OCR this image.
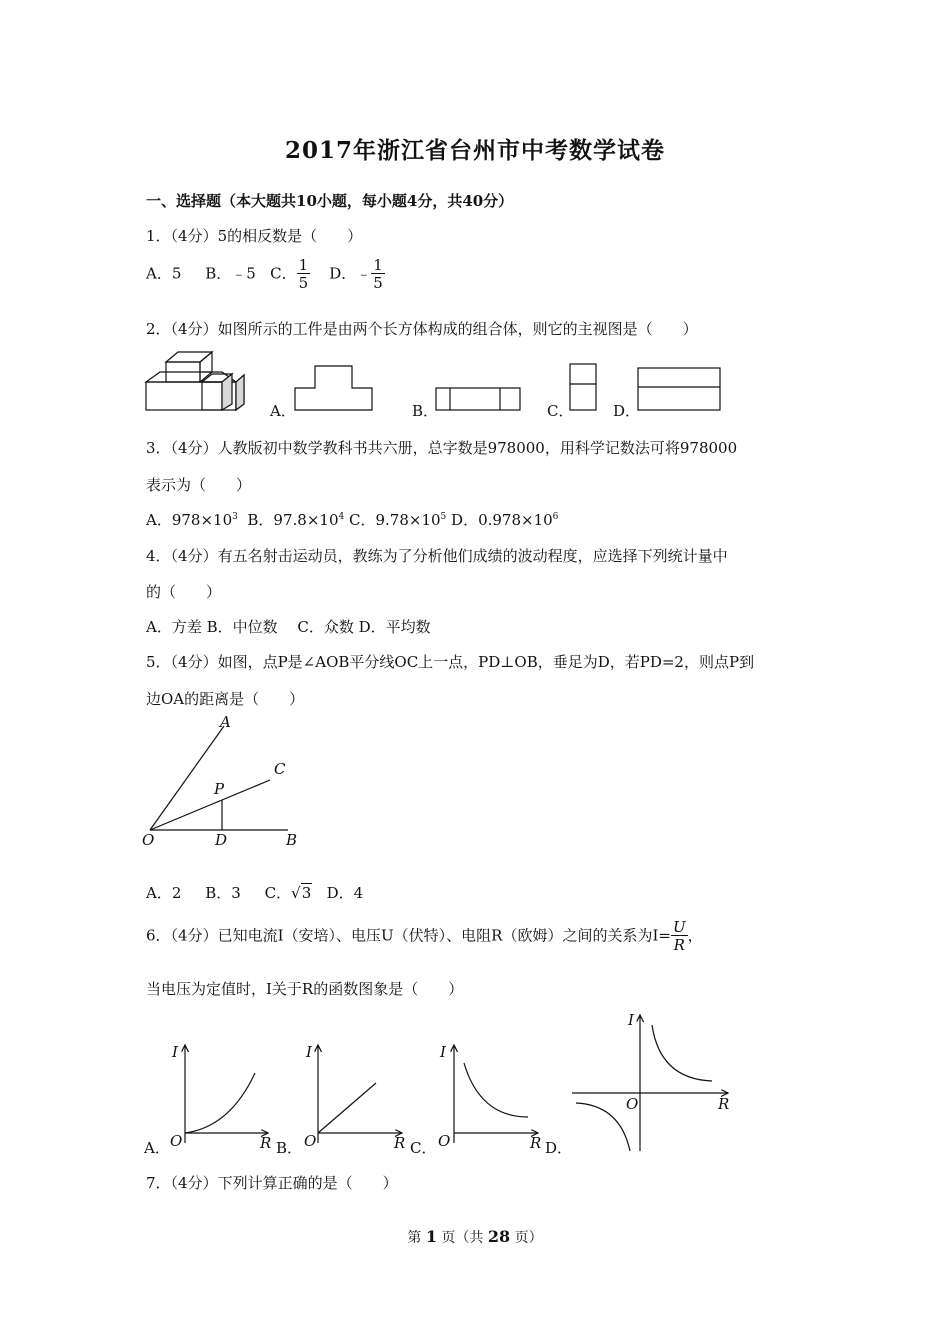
2017年浙江省台州市中考数学试卷
一、选择题（本大题共10小题，每小题4分，共40分）
1．（4分）5的相反数是（　　）
A．5 B．﹣5 C． $\frac{1}{5}$ D．﹣ $\frac{1}{5}$
2．（4分）如图所示的工件是由两个长方体构成的组合体，则它的主视图是（　　）
A．	B．	C．	D．
3．（4分）人教版初中数学教科书共六册，总字数是978000，用科学记数法可将978000
表示为（　　）
A．$978\times 10^3$ B．$97.8\times 10^4$ C．$9.78\times 10^5$ D．$0.978\times 10^6$
4．（4分）有五名射击运动员，教练为了分析他们成绩的波动程度，应选择下列统计量中
的（　　）
A．方差 B．中位数　 C．众数 D．平均数
5．（4分）如图，点P是∠AOB平分线OC上一点，PD⊥OB，垂足为D，若PD=2，则点P到
边OA的距离是（　　）
A
C
P
O	D	B
A．2 B．3 C．√3 D．4
6．（4分）已知电流I（安培）、电压U（伏特）、电阻R（欧姆）之间的关系为$I= \frac{U}{R}$ ，
当电压为定值时，I关于R的函数图象是（　　）
I
R
O
I
R
O
I
R
O
I
R
O
A．	B．	C．	D．
7．（4分）下列计算正确的是（　　）
第 1 页（共 28 页）
